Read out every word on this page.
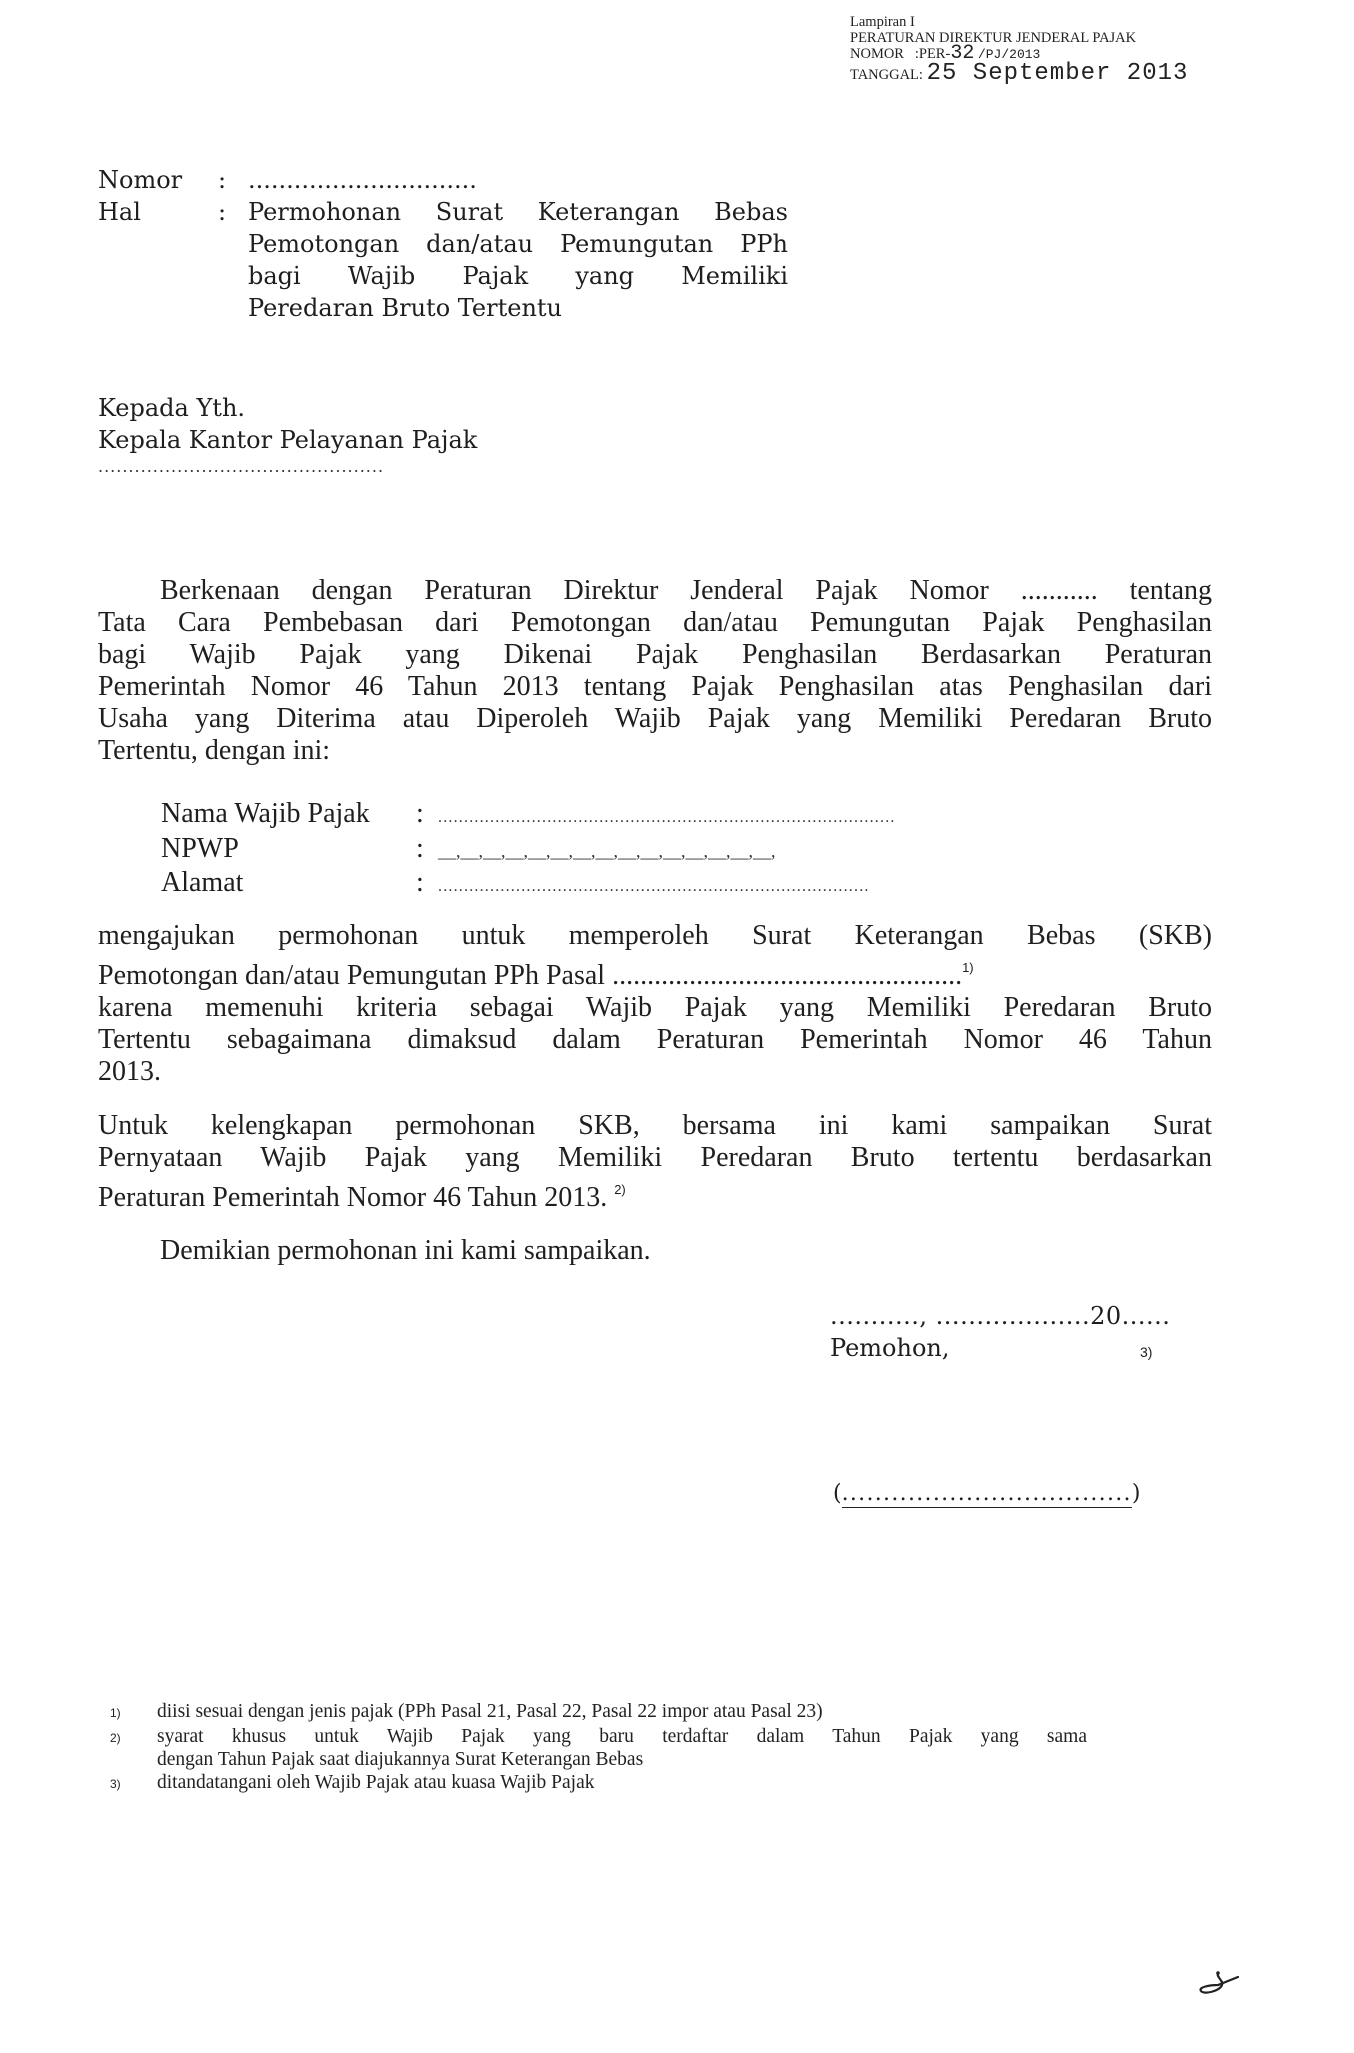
Lampiran I
PERATURAN DIREKTUR JENDERAL PAJAK
NOMOR :PER-32 /PJ/2013
TANGGAL: 25 September 2013
Nomor	: ..............................
Hal	: Permohonan Surat Keterangan Bebas
Pemotongan dan/atau Pemungutan PPh
bagi Wajib Pajak yang Memiliki
Peredaran Bruto Tertentu
Kepada Yth.
Kepala Kantor Pelayanan Pajak
...............................................
Berkenaan dengan Peraturan Direktur Jenderal Pajak Nomor ........... tentang
Tata Cara Pembebasan dari Pemotongan dan/atau Pemungutan Pajak Penghasilan
bagi Wajib Pajak yang Dikenai Pajak Penghasilan Berdasarkan Peraturan
Pemerintah Nomor 46 Tahun 2013 tentang Pajak Penghasilan atas Penghasilan dari
Usaha yang Diterima atau Diperoleh Wajib Pajak yang Memiliki Peredaran Bruto
Tertentu, dengan ini:
Nama Wajib Pajak	: ........................................................................................
NPWP	: __,__,__,__,__,__,__,__,__,__,__,__,__,__,__,
Alamat	: ...................................................................................
mengajukan permohonan untuk memperoleh Surat Keterangan Bebas (SKB)
Pemotongan dan/atau Pemungutan PPh Pasal ..................................................$^{1)}$
karena memenuhi kriteria sebagai Wajib Pajak yang Memiliki Peredaran Bruto
Tertentu sebagaimana dimaksud dalam Peraturan Pemerintah Nomor 46 Tahun
2013.
Untuk kelengkapan permohonan SKB, bersama ini kami sampaikan Surat
Pernyataan Wajib Pajak yang Memiliki Peredaran Bruto tertentu berdasarkan
Peraturan Pemerintah Nomor 46 Tahun 2013. $^{2)}$
Demikian permohonan ini kami sampaikan.
..........., ...................20......
Pemohon,	3)
(...................................)
1)	diisi sesuai dengan jenis pajak (PPh Pasal 21, Pasal 22, Pasal 22 impor atau Pasal 23)
2)	syarat khusus untuk Wajib Pajak yang baru terdaftar dalam Tahun Pajak yang sama
dengan Tahun Pajak saat diajukannya Surat Keterangan Bebas
3)	ditandatangani oleh Wajib Pajak atau kuasa Wajib Pajak
